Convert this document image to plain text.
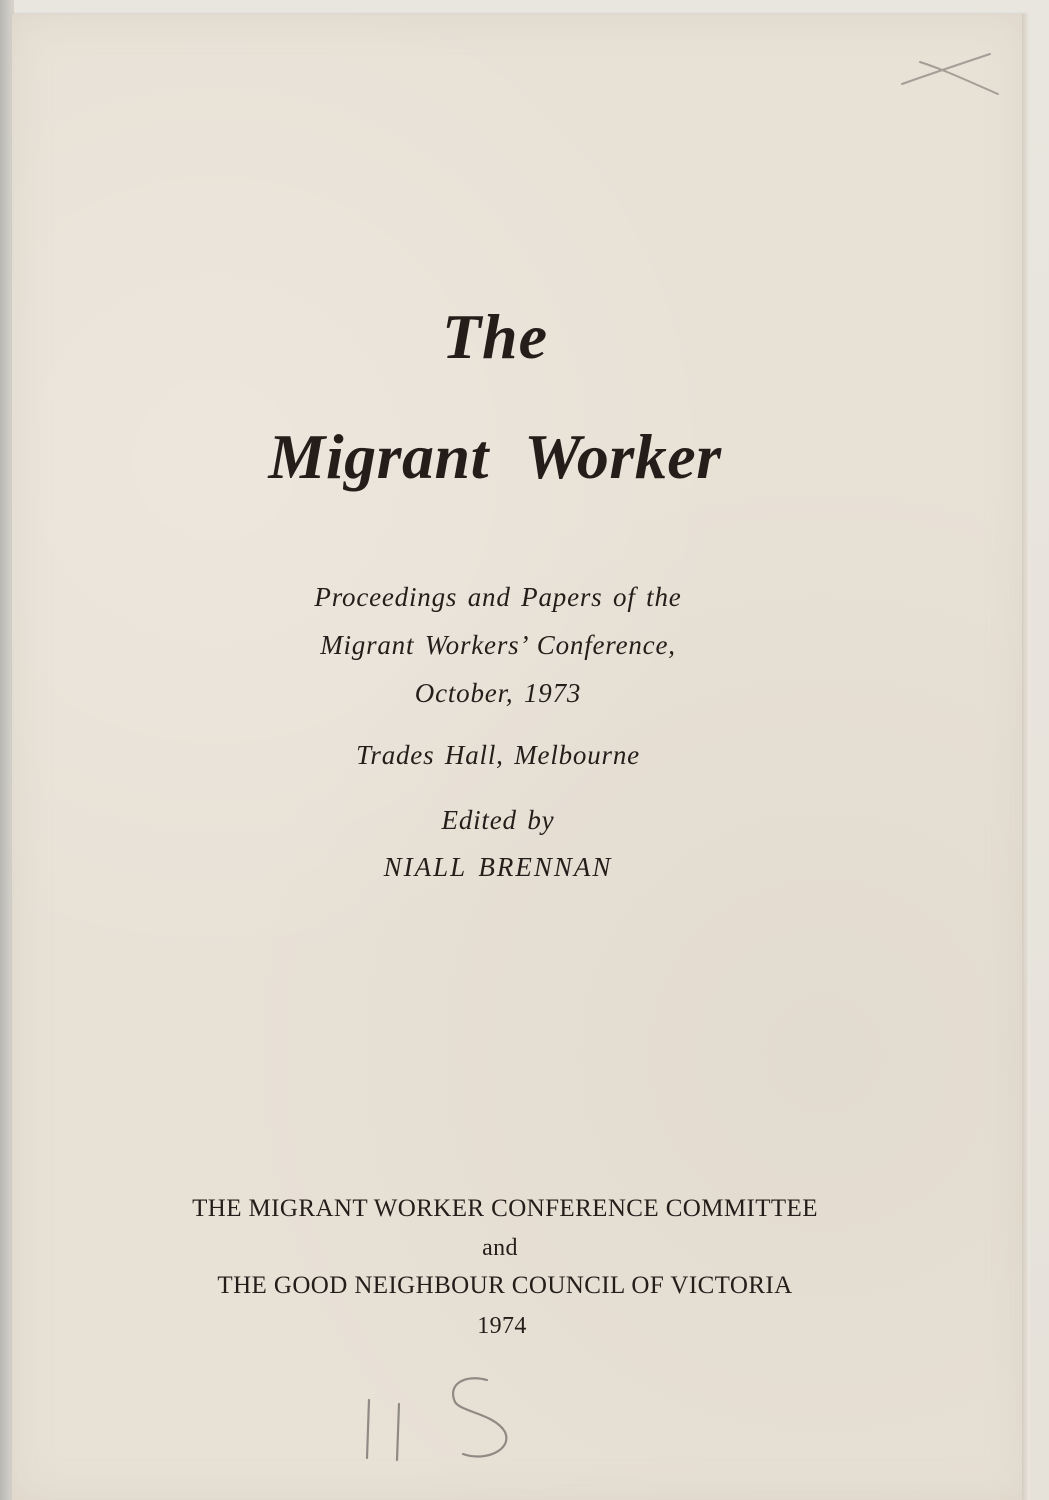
The
Migrant Worker

Proceedings and Papers of the

Migrant Workers’ Conference,

October, 1973

Trades Hall, Melbourne

Edited by

NIALL BRENNAN

THE MIGRANT WORKER CONFERENCE COMMITTEE

and

THE GOOD NEIGHBOUR COUNCIL OF VICTORIA

1974
